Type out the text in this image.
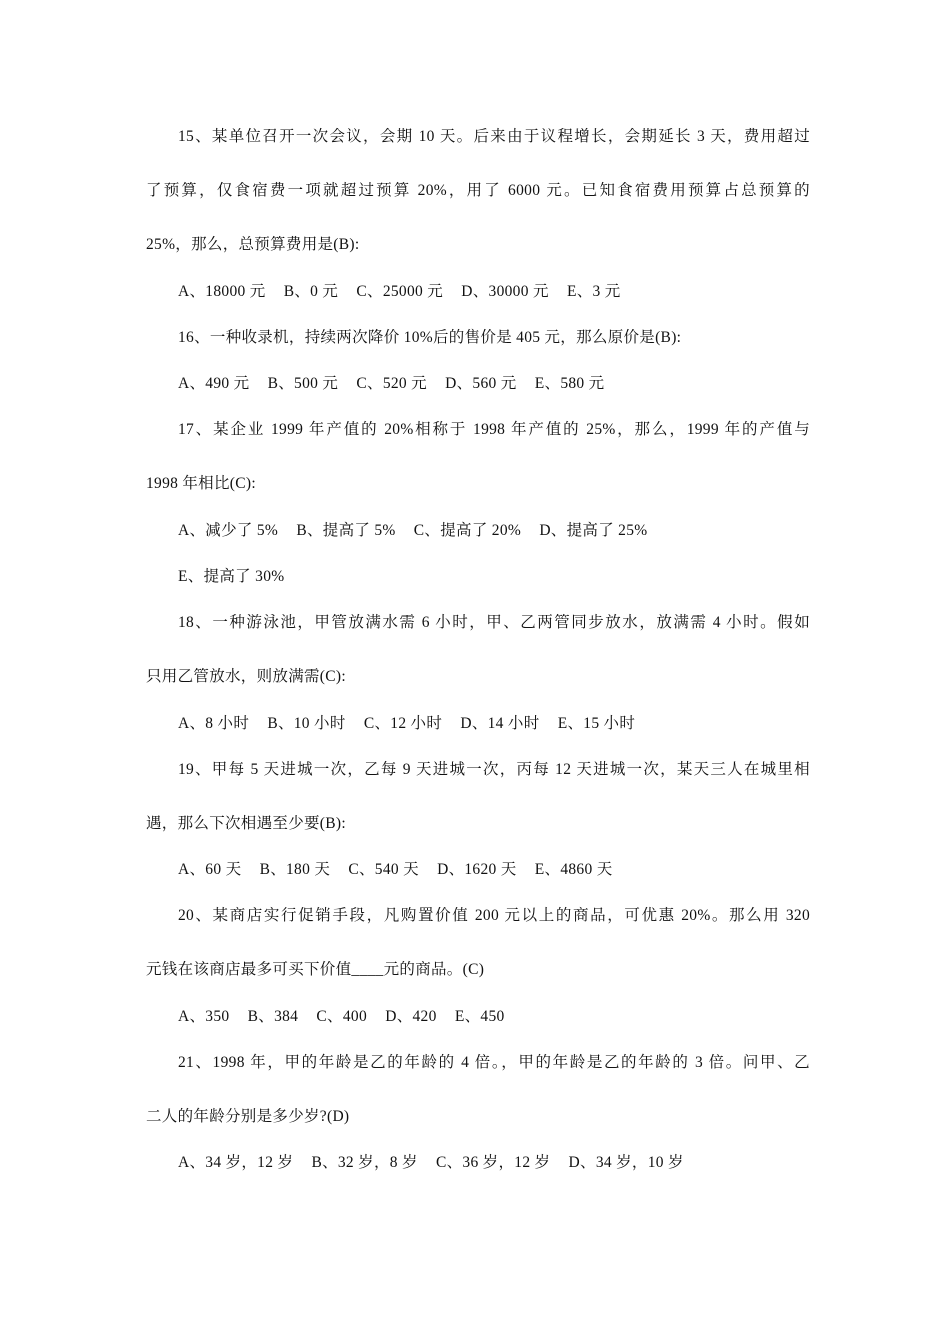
15、某单位召开一次会议，会期 10 天。后来由于议程增长，会期延长 3 天，费用超过
了预算，仅食宿费一项就超过预算 20%，用了 6000 元。已知食宿费用预算占总预算的
25%，那么，总预算费用是(B):
A、18000 元 B、0 元 C、25000 元 D、30000 元 E、3 元
16、一种收录机，持续两次降价 10%后的售价是 405 元，那么原价是(B):
A、490 元 B、500 元 C、520 元 D、560 元 E、580 元
17、某企业 1999 年产值的 20%相称于 1998 年产值的 25%，那么，1999 年的产值与
1998 年相比(C):
A、减少了 5% B、提高了 5% C、提高了 20% D、提高了 25%
E、提高了 30%
18、一种游泳池，甲管放满水需 6 小时，甲、乙两管同步放水，放满需 4 小时。假如
只用乙管放水，则放满需(C):
A、8 小时 B、10 小时 C、12 小时 D、14 小时 E、15 小时
19、甲每 5 天进城一次，乙每 9 天进城一次，丙每 12 天进城一次，某天三人在城里相
遇，那么下次相遇至少要(B):
A、60 天 B、180 天 C、540 天 D、1620 天 E、4860 天
20、某商店实行促销手段，凡购置价值 200 元以上的商品，可优惠 20%。那么用 320
元钱在该商店最多可买下价值____元的商品。(C)
A、350 B、384 C、400 D、420 E、450
21、1998 年，甲的年龄是乙的年龄的 4 倍。，甲的年龄是乙的年龄的 3 倍。问甲、乙
二人的年龄分别是多少岁?(D)
A、34 岁，12 岁 B、32 岁，8 岁 C、36 岁，12 岁 D、34 岁，10 岁
